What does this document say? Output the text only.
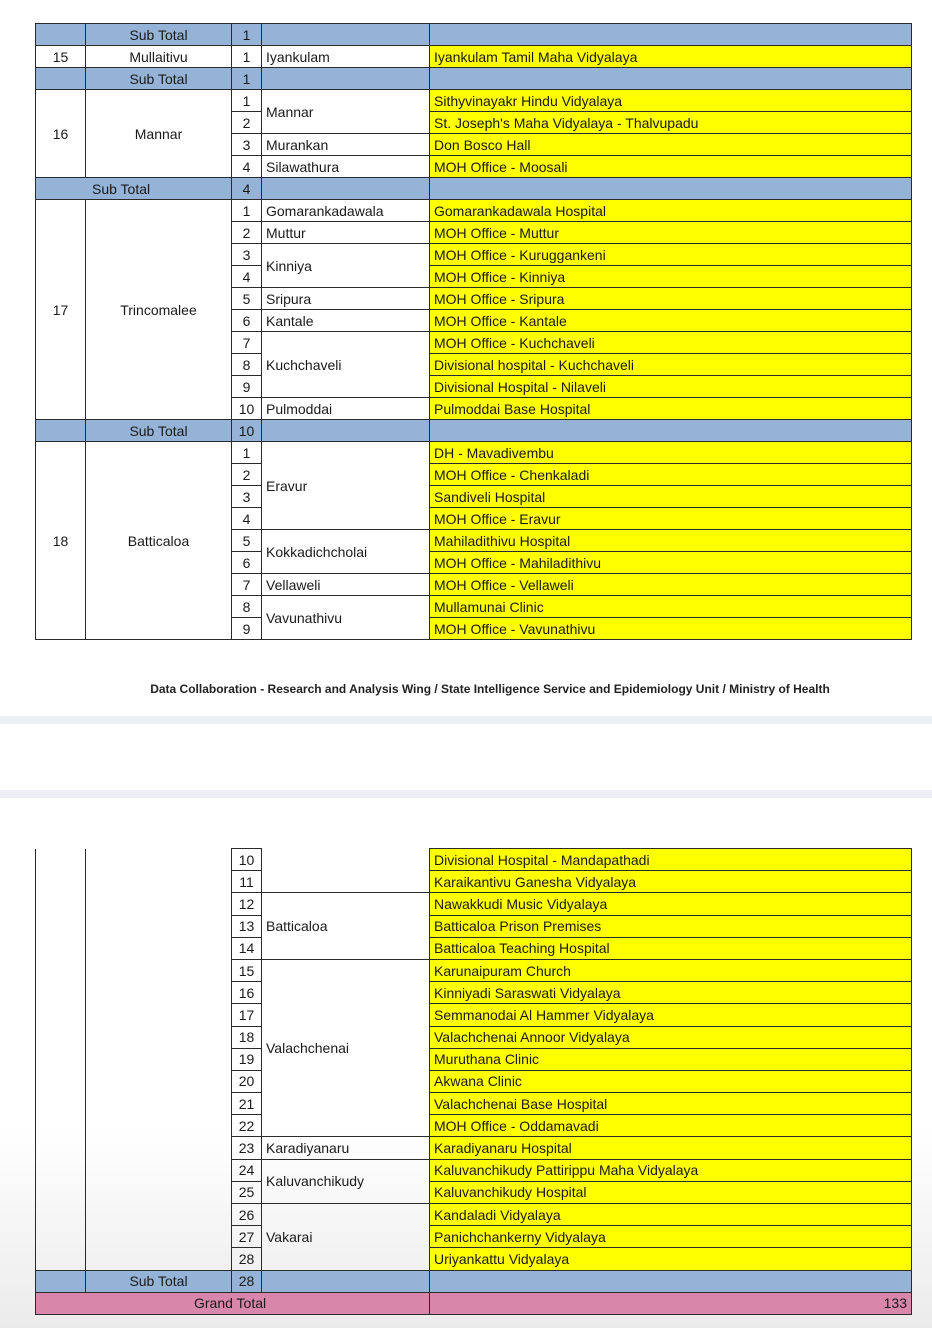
	Sub Total	1		
15	Mullaitivu	1	Iyankulam	Iyankulam Tamil Maha Vidyalaya
	Sub Total	1		
16	Mannar	1	Mannar	Sithyvinayakr Hindu Vidyalaya
		2		St. Joseph's Maha Vidyalaya - Thalvupadu
		3	Murankan	Don Bosco Hall
		4	Silawathura	MOH Office - Moosali
Sub Total		4		
17	Trincomalee	1	Gomarankadawala	Gomarankadawala Hospital
		2	Muttur	MOH Office - Muttur
		3	Kinniya	MOH Office - Kuruggankeni
		4		MOH Office - Kinniya
		5	Sripura	MOH Office - Sripura
		6	Kantale	MOH Office - Kantale
		7	Kuchchaveli	MOH Office - Kuchchaveli
		8		Divisional hospital - Kuchchaveli
		9		Divisional Hospital - Nilaveli
		10	Pulmoddai	Pulmoddai Base Hospital
	Sub Total	10		
18	Batticaloa	1	Eravur	DH - Mavadivembu
		2		MOH Office - Chenkaladi
		3		Sandiveli Hospital
		4		MOH Office - Eravur
		5	Kokkadichcholai	Mahiladithivu Hospital
		6		MOH Office - Mahiladithivu
		7	Vellaweli	MOH Office - Vellaweli
		8	Vavunathivu	Mullamunai Clinic
		9		MOH Office - Vavunathivu
Data Collaboration - Research and Analysis Wing / State Intelligence Service and Epidemiology Unit / Ministry of Health
		10		Divisional Hospital - Mandapathadi
		11		Karaikantivu Ganesha Vidyalaya
		12	Batticaloa	Nawakkudi Music Vidyalaya
		13		Batticaloa Prison Premises
		14		Batticaloa Teaching Hospital
		15	Valachchenai	Karunaipuram Church
		16		Kinniyadi Saraswati Vidyalaya
		17		Semmanodai Al Hammer Vidyalaya
		18		Valachchenai Annoor Vidyalaya
		19		Muruthana Clinic
		20		Akwana Clinic
		21		Valachchenai Base Hospital
		22		MOH Office - Oddamavadi
		23	Karadiyanaru	Karadiyanaru Hospital
		24	Kaluvanchikudy	Kaluvanchikudy Pattirippu Maha Vidyalaya
		25		Kaluvanchikudy Hospital
		26	Vakarai	Kandaladi Vidyalaya
		27		Panichchankerny Vidyalaya
		28		Uriyankattu Vidyalaya
	Sub Total	28		
Grand Total				133
